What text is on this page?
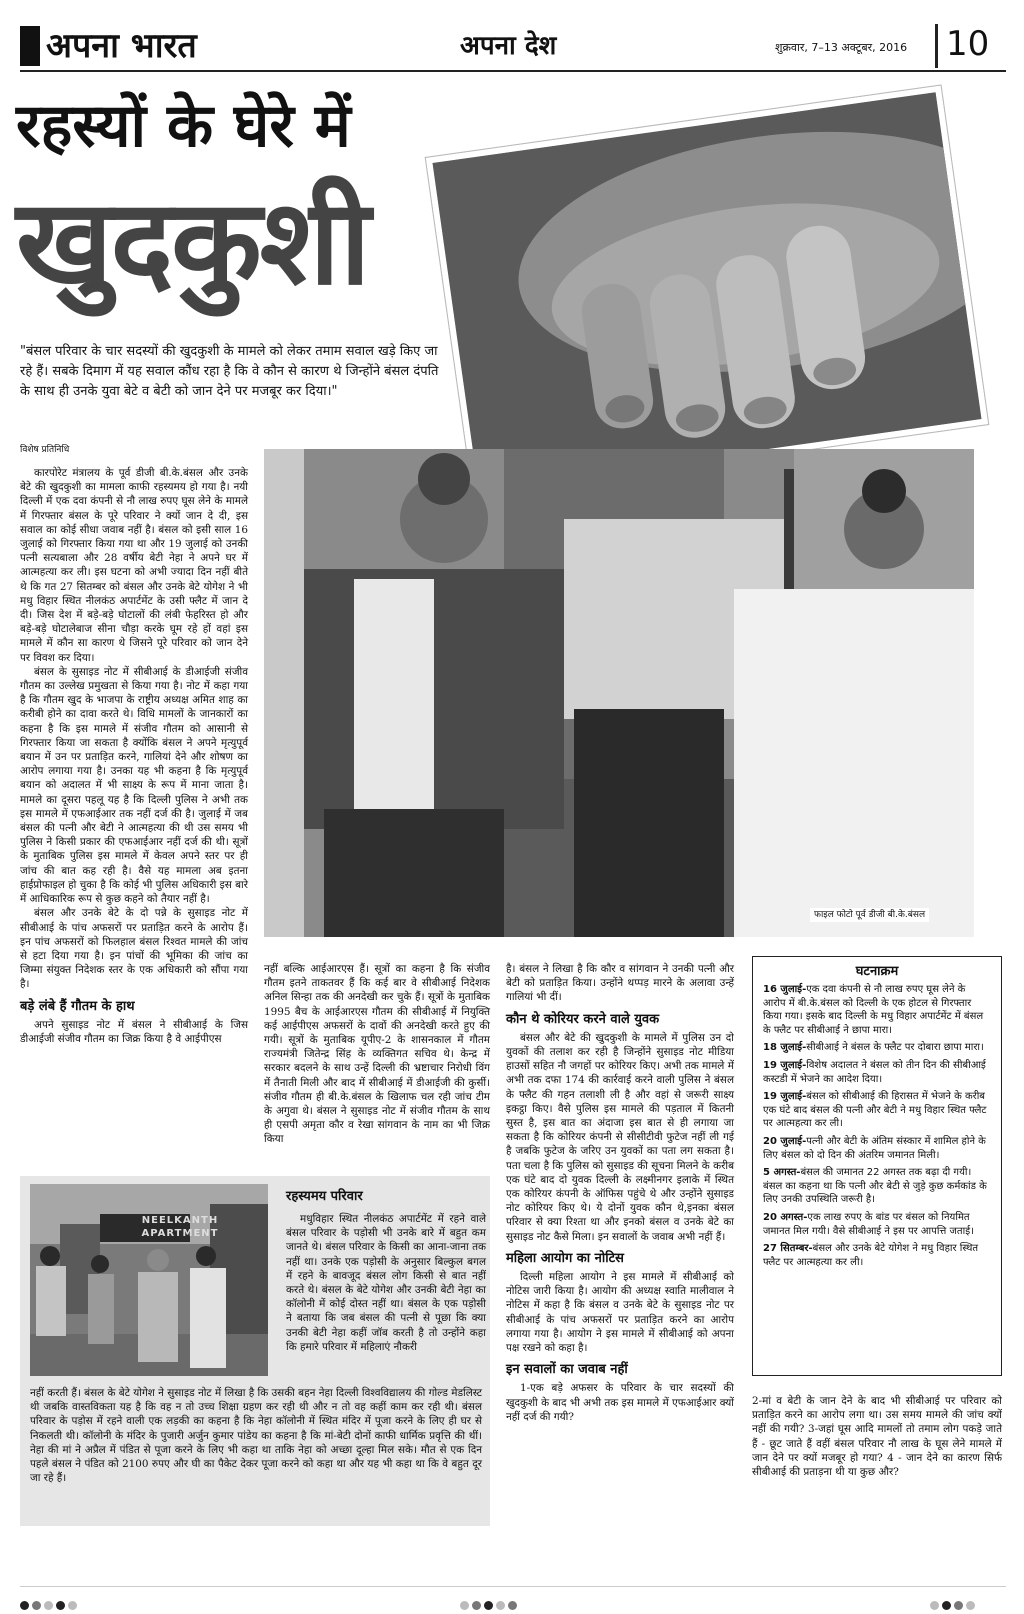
अपना भारत	अपना देश	शुक्रवार, 7–13 अक्टूबर, 2016 10
रहस्यों के घेरे में
खुदकुशी
"बंसल परिवार के चार सदस्यों की खुदकुशी के मामले को लेकर तमाम सवाल खड़े किए जा रहे हैं। सबके दिमाग में यह सवाल कौंध रहा है कि वे कौन से कारण थे जिन्होंने बंसल दंपति के साथ ही उनके युवा बेटे व बेटी को जान देने पर मजबूर कर दिया।"
विशेष प्रतिनिधि
फाइल फोटो पूर्व डीजी बी.के.बंसल

कारपोरेट मंत्रालय के पूर्व डीजी बी.के.बंसल और उनके बेटे की खुदकुशी का मामला काफी रहस्यमय हो गया है। नयी दिल्ली में एक दवा कंपनी से नौ लाख रुपए घूस लेने के मामले में गिरफ्तार बंसल के पूरे परिवार ने क्यों जान दे दी, इस सवाल का कोई सीधा जवाब नहीं है। बंसल को इसी साल 16 जुलाई को गिरफ्तार किया गया था और 19 जुलाई को उनकी पत्नी सत्यबाला और 28 वर्षीय बेटी नेहा ने अपने घर में आत्महत्या कर ली। इस घटना को अभी ज्यादा दिन नहीं बीते थे कि गत 27 सितम्बर को बंसल और उनके बेटे योगेश ने भी मधु विहार स्थित नीलकंठ अपार्टमेंट के उसी फ्लैट में जान दे दी। जिस देश में बड़े-बड़े घोटालों की लंबी फेहरिस्त हो और बड़े-बड़े घोटालेबाज सीना चौड़ा करके घूम रहे हों वहां इस मामले में कौन सा कारण थे जिसने पूरे परिवार को जान देने पर विवश कर दिया।

बंसल के सुसाइड नोट में सीबीआई के डीआईजी संजीव गौतम का उल्लेख प्रमुखता से किया गया है। नोट में कहा गया है कि गौतम खुद के भाजपा के राष्ट्रीय अध्यक्ष अमित शाह का करीबी होने का दावा करते थे। विधि मामलों के जानकारों का कहना है कि इस मामले में संजीव गौतम को आसानी से गिरफ्तार किया जा सकता है क्योंकि बंसल ने अपने मृत्युपूर्व बयान में उन पर प्रताड़ित करने, गालियां देने और शोषण का आरोप लगाया गया है। उनका यह भी कहना है कि मृत्युपूर्व बयान को अदालत में भी साक्ष्य के रूप में माना जाता है। मामले का दूसरा पहलू यह है कि दिल्ली पुलिस ने अभी तक इस मामले में एफआईआर तक नहीं दर्ज की है। जुलाई में जब बंसल की पत्नी और बेटी ने आत्महत्या की थी उस समय भी पुलिस ने किसी प्रकार की एफआईआर नहीं दर्ज की थी। सूत्रों के मुताबिक पुलिस इस मामले में केवल अपने स्तर पर ही जांच की बात कह रही है। वैसे यह मामला अब इतना हाईप्रोफाइल हो चुका है कि कोई भी पुलिस अधिकारी इस बारे में आधिकारिक रूप से कुछ कहने को तैयार नहीं है।

बंसल और उनके बेटे के दो पन्ने के सुसाइड नोट में सीबीआई के पांच अफसरों पर प्रताड़ित करने के आरोप हैं। इन पांच अफसरों को फिलहाल बंसल रिश्वत मामले की जांच से हटा दिया गया है। इन पांचों की भूमिका की जांच का जिम्मा संयुक्त निदेशक स्तर के एक अधिकारी को सौंपा गया है।

बड़े लंबे हैं गौतम के हाथ

अपने सुसाइड नोट में बंसल ने सीबीआई के जिस डीआईजी संजीव गौतम का जिक्र किया है वे आईपीएस

नहीं बल्कि आईआरएस हैं। सूत्रों का कहना है कि संजीव गौतम इतने ताकतवर हैं कि कई बार वे सीबीआई निदेशक अनिल सिन्हा तक की अनदेखी कर चुके हैं। सूत्रों के मुताबिक 1995 बैच के आईआरएस गौतम की सीबीआई में नियुक्ति कई आईपीएस अफसरों के दावों की अनदेखी करते हुए की गयी। सूत्रों के मुताबिक यूपीए-2 के शासनकाल में गौतम राज्यमंत्री जितेन्द्र सिंह के व्यक्तिगत सचिव थे। केन्द्र में सरकार बदलने के साथ उन्हें दिल्ली की भ्रष्टाचार निरोधी विंग में तैनाती मिली और बाद में सीबीआई में डीआईजी की कुर्सी। संजीव गौतम ही बी.के.बंसल के खिलाफ चल रही जांच टीम के अगुवा थे। बंसल ने सुसाइड नोट में संजीव गौतम के साथ ही एसपी अमृता कौर व रेखा सांगवान के नाम का भी जिक्र किया

है। बंसल ने लिखा है कि कौर व सांगवान ने उनकी पत्नी और बेटी को प्रताड़ित किया। उन्होंने थप्पड़ मारने के अलावा उन्हें गालियां भी दीं।

कौन थे कोरियर करने वाले युवक

बंसल और बेटे की खुदकुशी के मामले में पुलिस उन दो युवकों की तलाश कर रही है जिन्होंने सुसाइड नोट मीडिया हाउसों सहित नौ जगहों पर कोरियर किए। अभी तक मामले में अभी तक दफा 174 की कार्रवाई करने वाली पुलिस ने बंसल के फ्लैट की गहन तलाशी ली है और वहां से जरूरी साक्ष्य इकट्ठा किए। वैसे पुलिस इस मामले की पड़ताल में कितनी सुस्त है, इस बात का अंदाजा इस बात से ही लगाया जा सकता है कि कोरियर कंपनी से सीसीटीवी फुटेज नहीं ली गई है जबकि फुटेज के जरिए उन युवकों का पता लग सकता है। पता चला है कि पुलिस को सुसाइड की सूचना मिलने के करीब एक घंटे बाद दो युवक दिल्ली के लक्ष्मीनगर इलाके में स्थित एक कोरियर कंपनी के ऑफिस पहुंचे थे और उन्होंने सुसाइड नोट कोरियर किए थे। ये दोनों युवक कौन थे,इनका बंसल परिवार से क्या रिश्ता था और इनको बंसल व उनके बेटे का सुसाइड नोट कैसे मिला। इन सवालों के जवाब अभी नहीं हैं।

महिला आयोग का नोटिस

दिल्ली महिला आयोग ने इस मामले में सीबीआई को नोटिस जारी किया है। आयोग की अध्यक्ष स्वाति मालीवाल ने नोटिस में कहा है कि बंसल व उनके बेटे के सुसाइड नोट पर सीबीआई के पांच अफसरों पर प्रताड़ित करने का आरोप लगाया गया है। आयोग ने इस मामले में सीबीआई को अपना पक्ष रखने को कहा है।

इन सवालों का जवाब नहीं

1-एक बड़े अफसर के परिवार के चार सदस्यों की खुदकुशी के बाद भी अभी तक इस मामले में एफआईआर क्यों नहीं दर्ज की गयी?

NEELKANTH APARTMENT
रहस्यमय परिवार
मधुविहार स्थित नीलकंठ अपार्टमेंट में रहने वाले बंसल परिवार के पड़ोसी भी उनके बारे में बहुत कम जानते थे। बंसल परिवार के किसी का आना-जाना तक नहीं था। उनके एक पड़ोसी के अनुसार बिल्कुल बगल में रहने के बावजूद बंसल लोग किसी से बात नहीं करते थे। बंसल के बेटे योगेश और उनकी बेटी नेहा का कॉलोनी में कोई दोस्त नहीं था। बंसल के एक पड़ोसी ने बताया कि जब बंसल की पत्नी से पूछा कि क्या उनकी बेटी नेहा कहीं जॉब करती है तो उन्होंने कहा कि हमारे परिवार में महिलाएं नौकरी
नहीं करती हैं। बंसल के बेटे योगेश ने सुसाइड नोट में लिखा है कि उसकी बहन नेहा दिल्ली विश्वविद्यालय की गोल्ड मेडलिस्ट थी जबकि वास्तविकता यह है कि वह न तो उच्च शिक्षा ग्रहण कर रही थी और न तो वह कहीं काम कर रही थी। बंसल परिवार के पड़ोस में रहने वाली एक लड़की का कहना है कि नेहा कॉलोनी में स्थित मंदिर में पूजा करने के लिए ही घर से निकलती थी। कॉलोनी के मंदिर के पुजारी अर्जुन कुमार पांडेय का कहना है कि मां-बेटी दोनों काफी धार्मिक प्रवृत्ति की थीं। नेहा की मां ने अप्रैल में पंडित से पूजा करने के लिए भी कहा था ताकि नेहा को अच्छा दूल्हा मिल सके। मौत से एक दिन पहले बंसल ने पंडित को 2100 रुपए और घी का पैकेट देकर पूजा करने को कहा था और यह भी कहा था कि वे बहुत दूर जा रहे हैं।
घटनाक्रम

16 जुलाई-एक दवा कंपनी से नौ लाख रुपए घूस लेने के आरोप में बी.के.बंसल को दिल्ली के एक होटल से गिरफ्तार किया गया। इसके बाद दिल्ली के मधु विहार अपार्टमेंट में बंसल के फ्लैट पर सीबीआई ने छापा मारा।

18 जुलाई-सीबीआई ने बंसल के फ्लैट पर दोबारा छापा मारा।

19 जुलाई-विशेष अदालत ने बंसल को तीन दिन की सीबीआई कस्टडी में भेजने का आदेश दिया।

19 जुलाई-बंसल को सीबीआई की हिरासत में भेजने के करीब एक घंटे बाद बंसल की पत्नी और बेटी ने मधु विहार स्थित फ्लैट पर आत्महत्या कर ली।

20 जुलाई-पत्नी और बेटी के अंतिम संस्कार में शामिल होने के लिए बंसल को दो दिन की अंतरिम जमानत मिली।

5 अगस्त-बंसल की जमानत 22 अगस्त तक बढ़ा दी गयी। बंसल का कहना था कि पत्नी और बेटी से जुड़े कुछ कर्मकांड के लिए उनकी उपस्थिति जरूरी है।

20 अगस्त-एक लाख रुपए के बांड पर बंसल को नियमित जमानत मिल गयी। वैसे सीबीआई ने इस पर आपत्ति जताई।

27 सितम्बर-बंसल और उनके बेटे योगेश ने मधु विहार स्थित फ्लैट पर आत्महत्या कर ली।

2-मां व बेटी के जान देने के बाद भी सीबीआई पर परिवार को प्रताड़ित करने का आरोप लगा था। उस समय मामले की जांच क्यों नहीं की गयी? 3-जहां घूस आदि मामलों तो तमाम लोग पकड़े जाते हैं - छूट जाते हैं वहीं बंसल परिवार नौ लाख के घूस लेने मामले में जान देने पर क्यों मजबूर हो गया? 4 - जान देने का कारण सिर्फ सीबीआई की प्रताड़ना थी या कुछ और?
